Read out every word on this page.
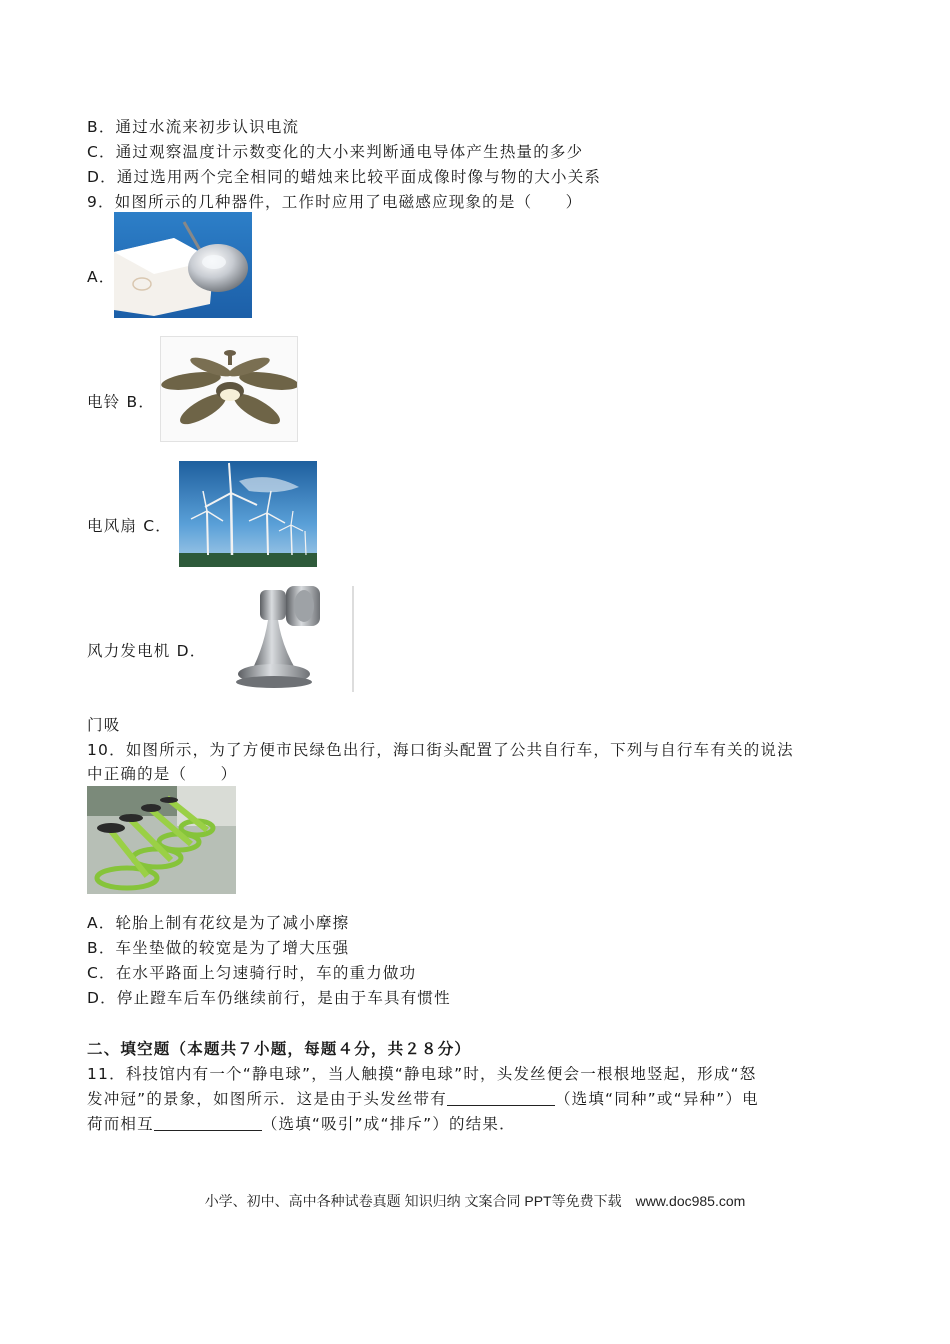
B．通过水流来初步认识电流
C．通过观察温度计示数变化的大小来判断通电导体产生热量的多少
D．通过选用两个完全相同的蜡烛来比较平面成像时像与物的大小关系
9．如图所示的几种器件，工作时应用了电磁感应现象的是（　　）
A．
电铃 B．
电风扇 C．
风力发电机 D．
门吸
10．如图所示，为了方便市民绿色出行，海口街头配置了公共自行车，下列与自行车有关的说法
中正确的是（　　）
A．轮胎上制有花纹是为了减小摩擦
B．车坐垫做的较宽是为了增大压强
C．在水平路面上匀速骑行时，车的重力做功
D．停止蹬车后车仍继续前行，是由于车具有惯性
二、填空题（本题共７小题，每题４分，共２８分）
11．科技馆内有一个“静电球”，当人触摸“静电球”时，头发丝便会一根根地竖起，形成“怒
发冲冠”的景象，如图所示．这是由于头发丝带有	（选填“同种”或“异种”）电
荷而相互	（选填“吸引”成“排斥”）的结果．
小学、初中、高中各种试卷真题 知识归纳 文案合同 PPT等免费下载　www.doc985.com
